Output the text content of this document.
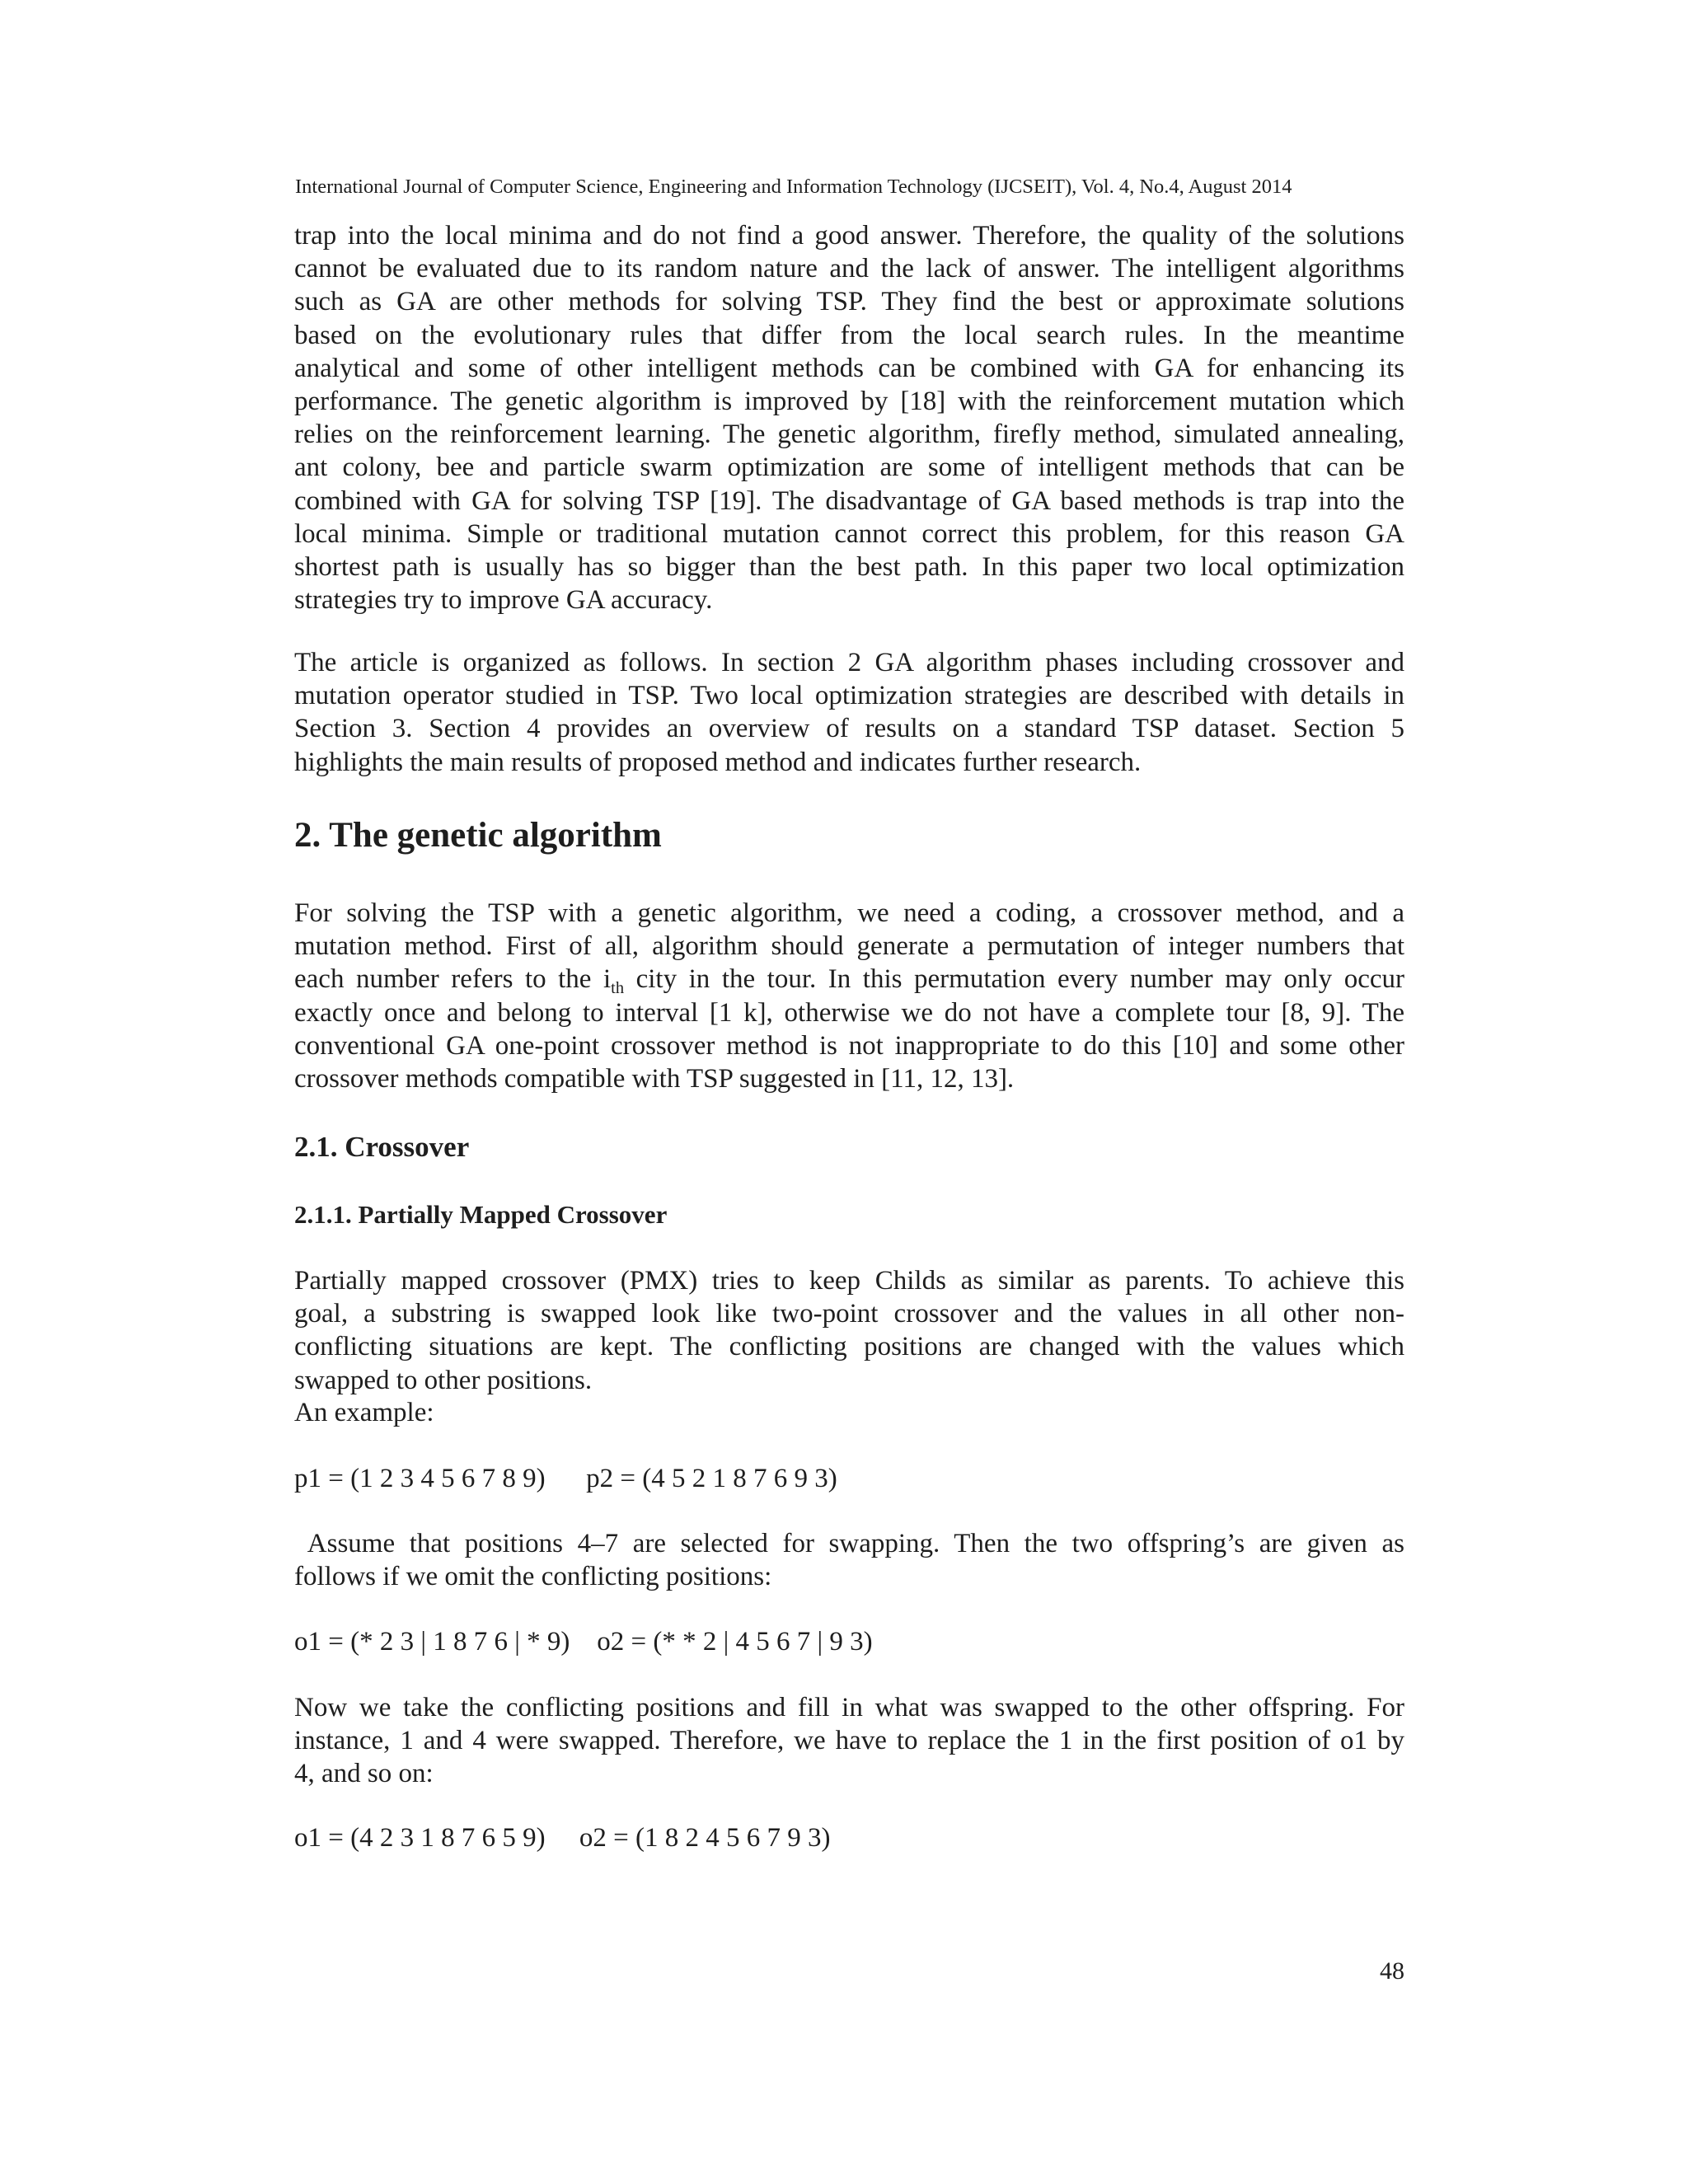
International Journal of Computer Science, Engineering and Information Technology (IJCSEIT), Vol. 4, No.4, August 2014

trap into the local minima and do not find a good answer. Therefore, the quality of the solutions

cannot be evaluated due to its random nature and the lack of answer. The intelligent algorithms

such as GA are other methods for solving TSP. They find the best or approximate solutions

based on the evolutionary rules that differ from the local search rules. In the meantime

analytical and some of other intelligent methods can be combined with GA for enhancing its

performance. The genetic algorithm is improved by [18] with the reinforcement mutation which

relies on the reinforcement learning. The genetic algorithm, firefly method, simulated annealing,

ant colony, bee and particle swarm optimization are some of intelligent methods that can be

combined with GA for solving TSP [19]. The disadvantage of GA based methods is trap into the

local minima. Simple or traditional mutation cannot correct this problem, for this reason GA

shortest path is usually has so bigger than the best path. In this paper two local optimization

strategies try to improve GA accuracy.

The article is organized as follows. In section 2 GA algorithm phases including crossover and

mutation operator studied in TSP. Two local optimization strategies are described with details in

Section 3. Section 4 provides an overview of results on a standard TSP dataset. Section 5

highlights the main results of proposed method and indicates further research.

2. The genetic algorithm

For solving the TSP with a genetic algorithm, we need a coding, a crossover method, and a

mutation method. First of all, algorithm should generate a permutation of integer numbers that

each number refers to the $i_{th}$ city in the tour. In this permutation every number may only occur

exactly once and belong to interval [1 k], otherwise we do not have a complete tour [8, 9]. The

conventional GA one-point crossover method is not inappropriate to do this [10] and some other

crossover methods compatible with TSP suggested in [11, 12, 13].

2.1. Crossover
2.1.1. Partially Mapped Crossover

Partially mapped crossover (PMX) tries to keep Childs as similar as parents. To achieve this

goal, a substring is swapped look like two-point crossover and the values in all other non-

conflicting situations are kept. The conflicting positions are changed with the values which

swapped to other positions.

An example:
p1 = (1 2 3 4 5 6 7 8 9)      p2 = (4 5 2 1 8 7 6 9 3)

Assume that positions 4–7 are selected for swapping. Then the two offspring’s are given as

follows if we omit the conflicting positions:

o1 = (* 2 3 | 1 8 7 6 | * 9)    o2 = (* * 2 | 4 5 6 7 | 9 3)

Now we take the conflicting positions and fill in what was swapped to the other offspring. For

instance, 1 and 4 were swapped. Therefore, we have to replace the 1 in the first position of o1 by

4, and so on:

o1 = (4 2 3 1 8 7 6 5 9)     o2 = (1 8 2 4 5 6 7 9 3)
48
